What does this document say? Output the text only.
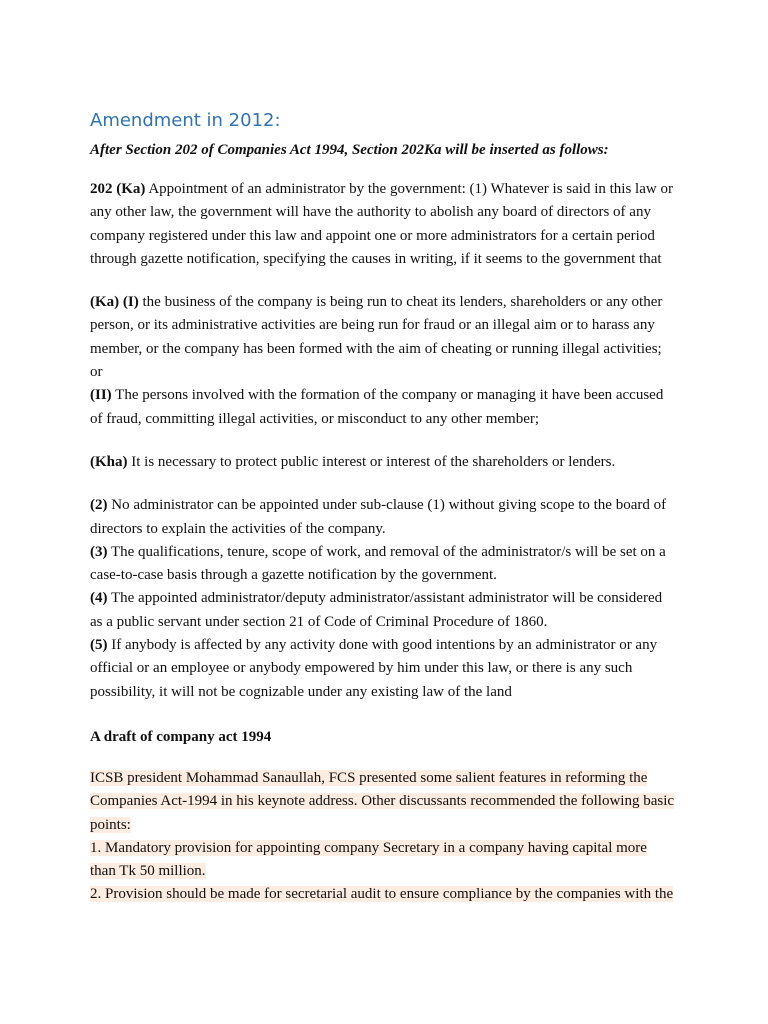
Amendment in 2012:
After Section 202 of Companies Act 1994, Section 202Ka will be inserted as follows:
202 (Ka) Appointment of an administrator by the government: (1) Whatever is said in this law or
any other law, the government will have the authority to abolish any board of directors of any
company registered under this law and appoint one or more administrators for a certain period
through gazette notification, specifying the causes in writing, if it seems to the government that
(Ka) (I) the business of the company is being run to cheat its lenders, shareholders or any other
person, or its administrative activities are being run for fraud or an illegal aim or to harass any
member, or the company has been formed with the aim of cheating or running illegal activities;
or
(II) The persons involved with the formation of the company or managing it have been accused
of fraud, committing illegal activities, or misconduct to any other member;
(Kha) It is necessary to protect public interest or interest of the shareholders or lenders.
(2) No administrator can be appointed under sub-clause (1) without giving scope to the board of
directors to explain the activities of the company.
(3) The qualifications, tenure, scope of work, and removal of the administrator/s will be set on a
case-to-case basis through a gazette notification by the government.
(4) The appointed administrator/deputy administrator/assistant administrator will be considered
as a public servant under section 21 of Code of Criminal Procedure of 1860.
(5) If anybody is affected by any activity done with good intentions by an administrator or any
official or an employee or anybody empowered by him under this law, or there is any such
possibility, it will not be cognizable under any existing law of the land
A draft of company act 1994
ICSB president Mohammad Sanaullah, FCS presented some salient features in reforming the
Companies Act-1994 in his keynote address. Other discussants recommended the following basic
points:
1. Mandatory provision for appointing company Secretary in a company having capital more
than Tk 50 million.
2. Provision should be made for secretarial audit to ensure compliance by the companies with the
